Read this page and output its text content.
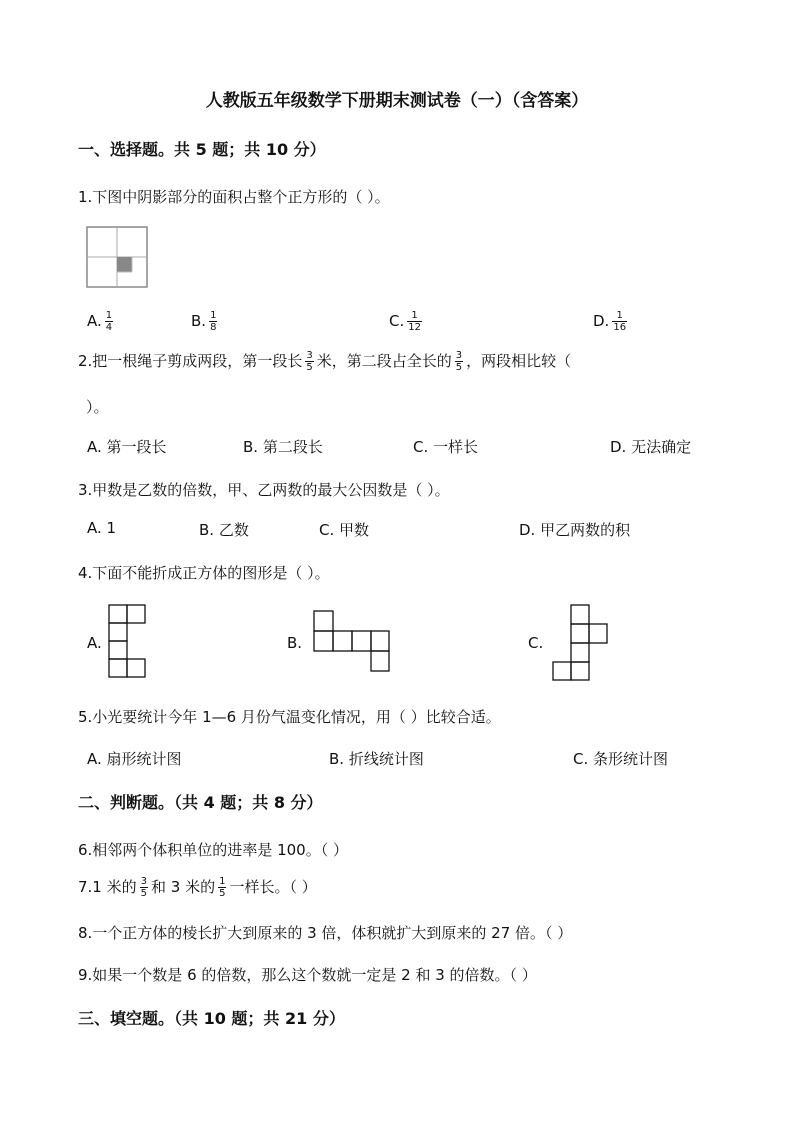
人教版五年级数学下册期末测试卷（一）（含答案）
一、选择题。共 5 题；共 10 分）
1.下图中阴影部分的面积占整个正方形的（ ）。
A. $\frac{1}{4}$	B. $\frac{1}{8}$	C. $\frac{1}{12}$	D. $\frac{1}{16}$
2.把一根绳子剪成两段，第一段长 $\frac{3}{5}$ 米，第二段占全长的 $\frac{3}{5}$ ，两段相比较（
）。
A. 第一段长	B. 第二段长	C. 一样长	D. 无法确定
3.甲数是乙数的倍数，甲、乙两数的最大公因数是（ ）。
A. 1	B. 乙数	C. 甲数	D. 甲乙两数的积
4.下面不能折成正方体的图形是（ ）。
A.	B.	C.
5.小光要统计今年 1—6 月份气温变化情况，用（ ）比较合适。
A. 扇形统计图	B. 折线统计图	C. 条形统计图
二、判断题。（共 4 题；共 8 分）
6.相邻两个体积单位的进率是 100。（ ）
7.1 米的 $\frac{3}{5}$ 和 3 米的 $\frac{1}{5}$ 一样长。（ ）
8.一个正方体的棱长扩大到原来的 3 倍，体积就扩大到原来的 27 倍。（ ）
9.如果一个数是 6 的倍数，那么这个数就一定是 2 和 3 的倍数。（ ）
三、填空题。（共 10 题；共 21 分）
